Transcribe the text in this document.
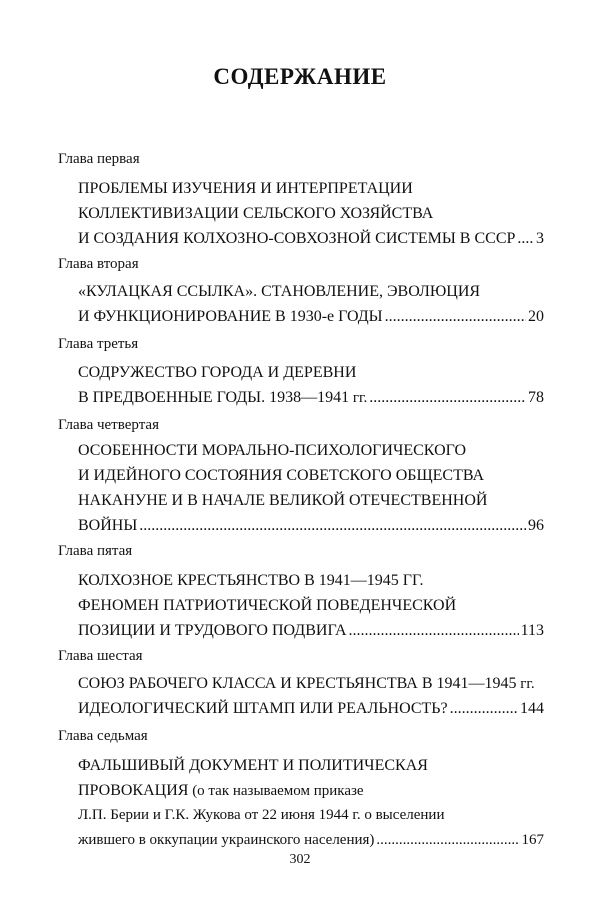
СОДЕРЖАНИЕ
Глава первая
ПРОБЛЕМЫ ИЗУЧЕНИЯ И ИНТЕРПРЕТАЦИИ
КОЛЛЕКТИВИЗАЦИИ СЕЛЬСКОГО ХОЗЯЙСТВА
И СОЗДАНИЯ КОЛХОЗНО-СОВХОЗНОЙ СИСТЕМЫ В СССР ..... 3
Глава вторая
«КУЛАЦКАЯ ССЫЛКА». СТАНОВЛЕНИЕ, ЭВОЛЮЦИЯ
И ФУНКЦИОНИРОВАНИЕ В 1930-е ГОДЫ .....	20
Глава третья
СОДРУЖЕСТВО ГОРОДА И ДЕРЕВНИ
В ПРЕДВОЕННЫЕ ГОДЫ. 1938—1941 гг. .....	78
Глава четвертая
ОСОБЕННОСТИ МОРАЛЬНО-ПСИХОЛОГИЧЕСКОГО
И ИДЕЙНОГО СОСТОЯНИЯ СОВЕТСКОГО ОБЩЕСТВА
НАКАНУНЕ И В НАЧАЛЕ ВЕЛИКОЙ ОТЕЧЕСТВЕННОЙ
ВОЙНЫ .....	96
Глава пятая
КОЛХОЗНОЕ КРЕСТЬЯНСТВО В 1941—1945 ГГ.
ФЕНОМЕН ПАТРИОТИЧЕСКОЙ ПОВЕДЕНЧЕСКОЙ
ПОЗИЦИИ И ТРУДОВОГО ПОДВИГА .....	113
Глава шестая
СОЮЗ РАБОЧЕГО КЛАССА И КРЕСТЬЯНСТВА В 1941—1945 гг.
ИДЕОЛОГИЧЕСКИЙ ШТАМП ИЛИ РЕАЛЬНОСТЬ? .....	144
Глава седьмая
ФАЛЬШИВЫЙ ДОКУМЕНТ И ПОЛИТИЧЕСКАЯ
ПРОВОКАЦИЯ (о так называемом приказе
Л.П. Берии и Г.К. Жукова от 22 июня 1944 г. о выселении
жившего в оккупации украинского населения) .....	167
302
